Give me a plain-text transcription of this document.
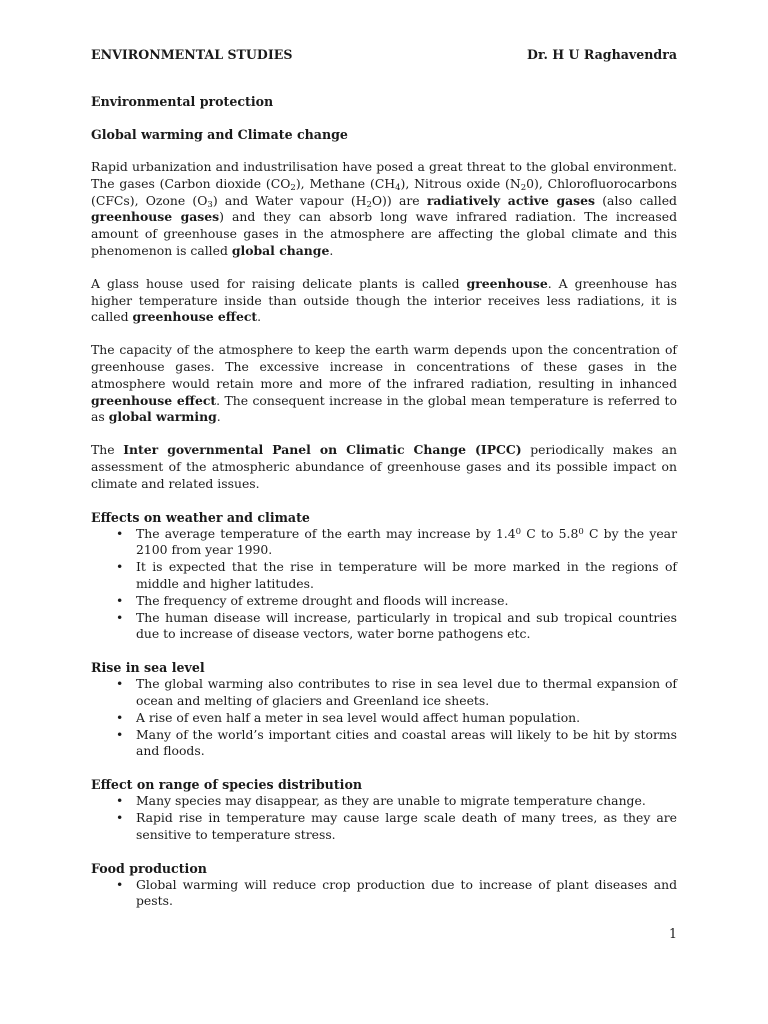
ENVIRONMENTAL STUDIES	Dr. H U Raghavendra
Environmental protection
Global warming and Climate change

Rapid urbanization and industrilisation have posed a great threat to the global environment. The gases (Carbon dioxide $(CO_2)$, Methane $(CH_4)$, Nitrous oxide $(N_20)$, Chlorofluorocarbons (CFCs), Ozone $(O_3)$ and Water vapour $(H_2O)$) are radiatively active gases (also called greenhouse gases) and they can absorb long wave infrared radiation. The increased amount of greenhouse gases in the atmosphere are affecting the global climate and this phenomenon is called global change.

A glass house used for raising delicate plants is called greenhouse. A greenhouse has higher temperature inside than outside though the interior receives less radiations, it is called greenhouse effect.

The capacity of the atmosphere to keep the earth warm depends upon the concentration of greenhouse gases. The excessive increase in concentrations of these gases in the atmosphere would retain more and more of the infrared radiation, resulting in inhanced greenhouse effect. The consequent increase in the global mean temperature is referred to as global warming.

The Inter governmental Panel on Climatic Change (IPCC) periodically makes an assessment of the atmospheric abundance of greenhouse gases and its possible impact on climate and related issues.

Effects on weather and climate
• The average temperature of the earth may increase by $1.4^0$ C to $5.8^0$ C by the year 2100 from year 1990.
• It is expected that the rise in temperature will be more marked in the regions of middle and higher latitudes.
• The frequency of extreme drought and floods will increase.
• The human disease will increase, particularly in tropical and sub tropical countries due to increase of disease vectors, water borne pathogens etc.
Rise in sea level
• The global warming also contributes to rise in sea level due to thermal expansion of ocean and melting of glaciers and Greenland ice sheets.
• A rise of even half a meter in sea level would affect human population.
• Many of the world’s important cities and coastal areas will likely to be hit by storms and floods.
Effect on range of species distribution
• Many species may disappear, as they are unable to migrate temperature change.
• Rapid rise in temperature may cause large scale death of many trees, as they are sensitive to temperature stress.
Food production
• Global warming will reduce crop production due to increase of plant diseases and pests.
1
